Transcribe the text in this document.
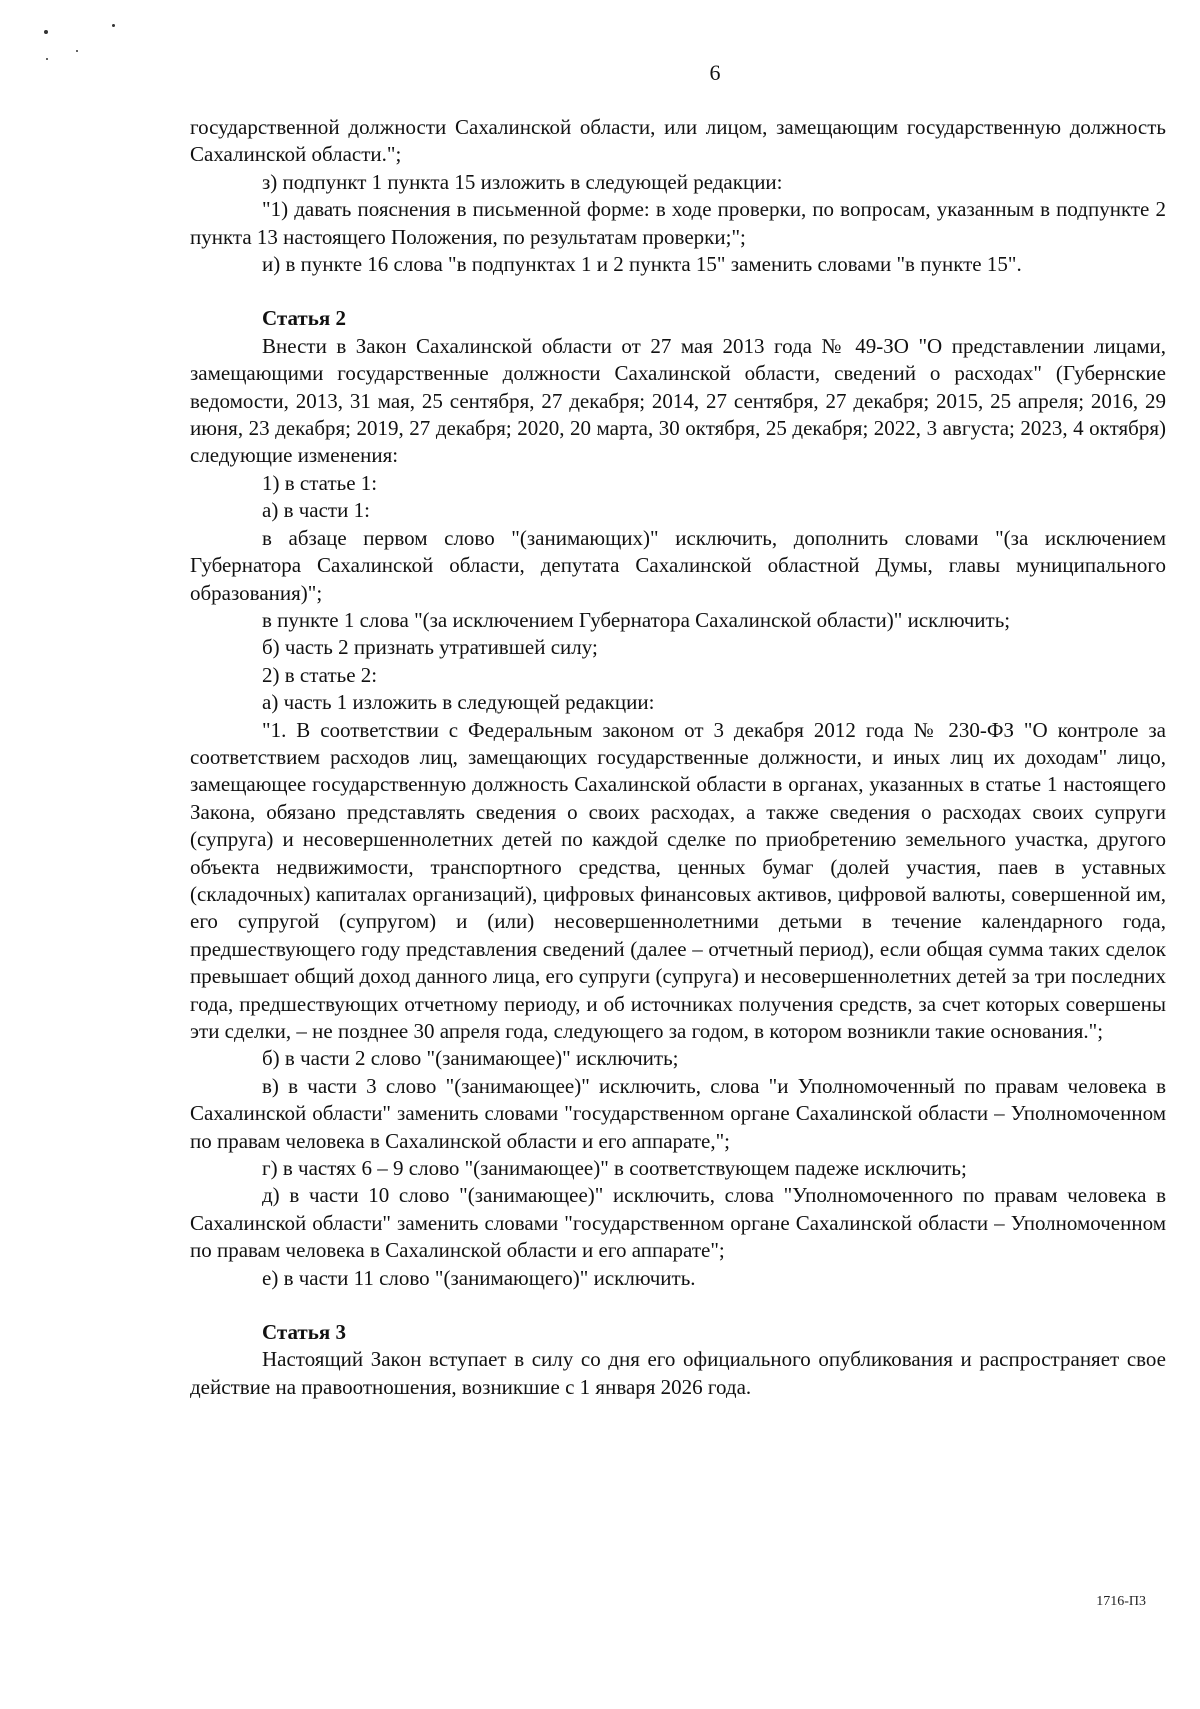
6

государственной должности Сахалинской области, или лицом, замещающим государственную должность Сахалинской области.";

з) подпункт 1 пункта 15 изложить в следующей редакции:

"1) давать пояснения в письменной форме: в ходе проверки, по вопросам, указанным в подпункте 2 пункта 13 настоящего Положения, по результатам проверки;";

и) в пункте 16 слова "в подпунктах 1 и 2 пункта 15" заменить словами "в пункте 15".

Статья 2

Внести в Закон Сахалинской области от 27 мая 2013 года № 49-ЗО "О представлении лицами, замещающими государственные должности Сахалинской области, сведений о расходах" (Губернские ведомости, 2013, 31 мая, 25 сентября, 27 декабря; 2014, 27 сентября, 27 декабря; 2015, 25 апреля; 2016, 29 июня, 23 декабря; 2019, 27 декабря; 2020, 20 марта, 30 октября, 25 декабря; 2022, 3 августа; 2023, 4 октября) следующие изменения:

1) в статье 1:

а) в части 1:

в абзаце первом слово "(занимающих)" исключить, дополнить словами "(за исключением Губернатора Сахалинской области, депутата Сахалинской областной Думы, главы муниципального образования)";

в пункте 1 слова "(за исключением Губернатора Сахалинской области)" исключить;

б) часть 2 признать утратившей силу;

2) в статье 2:

а) часть 1 изложить в следующей редакции:

"1. В соответствии с Федеральным законом от 3 декабря 2012 года № 230-ФЗ "О контроле за соответствием расходов лиц, замещающих государственные должности, и иных лиц их доходам" лицо, замещающее государственную должность Сахалинской области в органах, указанных в статье 1 настоящего Закона, обязано представлять сведения о своих расходах, а также сведения о расходах своих супруги (супруга) и несовершеннолетних детей по каждой сделке по приобретению земельного участка, другого объекта недвижимости, транспортного средства, ценных бумаг (долей участия, паев в уставных (складочных) капиталах организаций), цифровых финансовых активов, цифровой валюты, совершенной им, его супругой (супругом) и (или) несовершеннолетними детьми в течение календарного года, предшествующего году представления сведений (далее – отчетный период), если общая сумма таких сделок превышает общий доход данного лица, его супруги (супруга) и несовершеннолетних детей за три последних года, предшествующих отчетному периоду, и об источниках получения средств, за счет которых совершены эти сделки, – не позднее 30 апреля года, следующего за годом, в котором возникли такие основания.";

б) в части 2 слово "(занимающее)" исключить;

в) в части 3 слово "(занимающее)" исключить, слова "и Уполномоченный по правам человека в Сахалинской области" заменить словами "государственном органе Сахалинской области – Уполномоченном по правам человека в Сахалинской области и его аппарате,";

г) в частях 6 – 9 слово "(занимающее)" в соответствующем падеже исключить;

д) в части 10 слово "(занимающее)" исключить, слова "Уполномоченного по правам человека в Сахалинской области" заменить словами "государственном органе Сахалинской области – Уполномоченном по правам человека в Сахалинской области и его аппарате";

е) в части 11 слово "(занимающего)" исключить.

Статья 3

Настоящий Закон вступает в силу со дня его официального опубликования и распространяет свое действие на правоотношения, возникшие с 1 января 2026 года.

1716-П3
